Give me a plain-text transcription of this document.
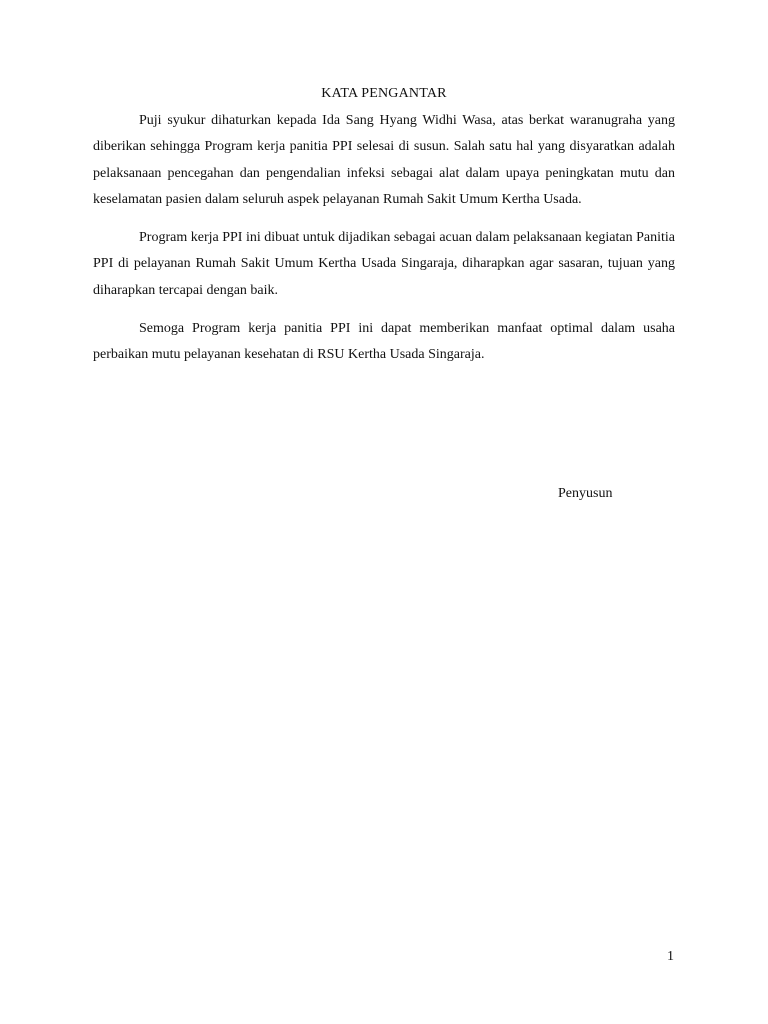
KATA PENGANTAR

Puji syukur dihaturkan kepada Ida Sang Hyang Widhi Wasa, atas berkat waranugraha yang diberikan sehingga Program kerja panitia PPI selesai di susun. Salah satu hal yang disyaratkan adalah pelaksanaan pencegahan dan pengendalian infeksi sebagai alat dalam upaya peningkatan mutu dan keselamatan pasien dalam seluruh aspek pelayanan Rumah Sakit Umum Kertha Usada.

Program kerja PPI ini dibuat untuk dijadikan sebagai acuan dalam pelaksanaan kegiatan Panitia PPI di pelayanan Rumah Sakit Umum Kertha Usada Singaraja, diharapkan agar sasaran, tujuan yang diharapkan tercapai dengan baik.

Semoga Program kerja panitia PPI ini dapat memberikan manfaat optimal dalam usaha perbaikan mutu pelayanan kesehatan di RSU Kertha Usada Singaraja.

Penyusun
1
